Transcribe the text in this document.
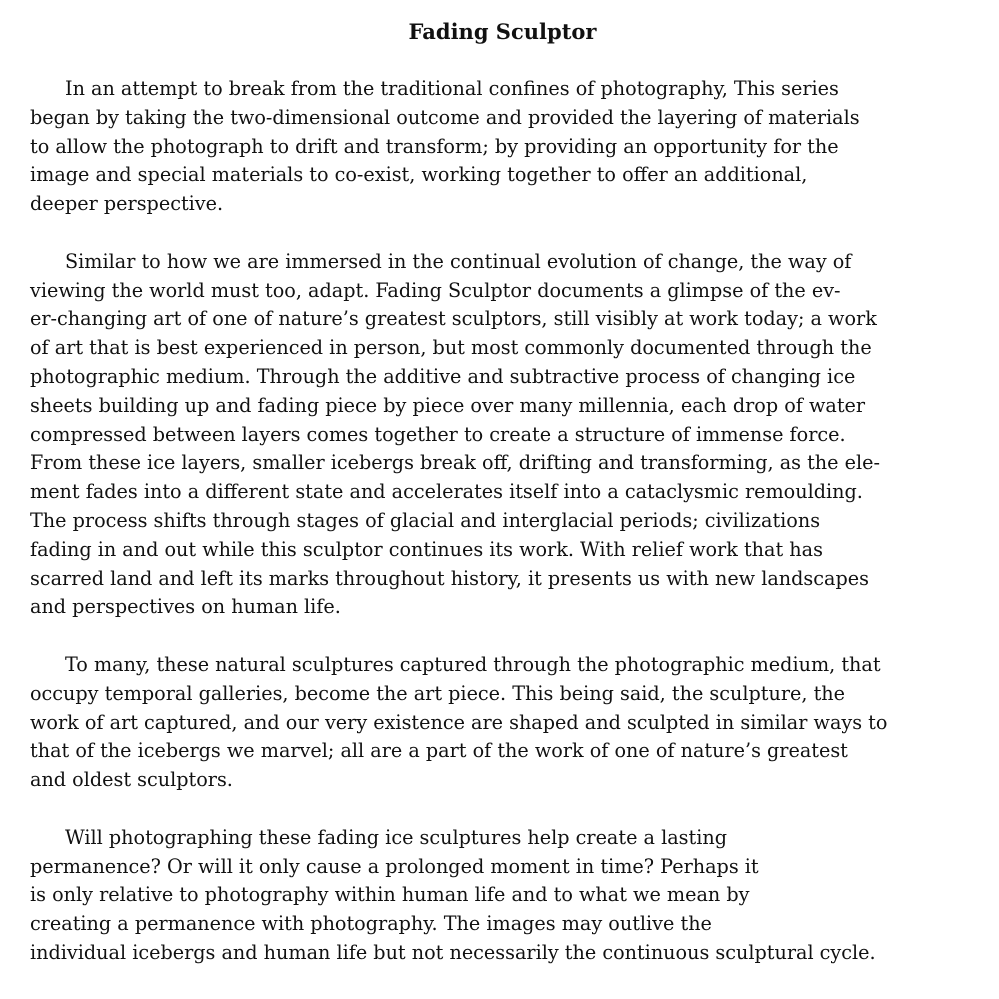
Fading Sculptor
In an attempt to break from the traditional confines of photography, This series
began by taking the two-dimensional outcome and provided the layering of materials
to allow the photograph to drift and transform; by providing an opportunity for the
image and special materials to co-exist, working together to offer an additional,
deeper perspective.
Similar to how we are immersed in the continual evolution of change, the way of
viewing the world must too, adapt. Fading Sculptor documents a glimpse of the ev-
er-changing art of one of nature’s greatest sculptors, still visibly at work today; a work
of art that is best experienced in person, but most commonly documented through the
photographic medium. Through the additive and subtractive process of changing ice
sheets building up and fading piece by piece over many millennia, each drop of water
compressed between layers comes together to create a structure of immense force.
From these ice layers, smaller icebergs break off, drifting and transforming, as the ele-
ment fades into a different state and accelerates itself into a cataclysmic remoulding.
The process shifts through stages of glacial and interglacial periods; civilizations
fading in and out while this sculptor continues its work. With relief work that has
scarred land and left its marks throughout history, it presents us with new landscapes
and perspectives on human life.
To many, these natural sculptures captured through the photographic medium, that
occupy temporal galleries, become the art piece. This being said, the sculpture, the
work of art captured, and our very existence are shaped and sculpted in similar ways to
that of the icebergs we marvel; all are a part of the work of one of nature’s greatest
and oldest sculptors.
Will photographing these fading ice sculptures help create a lasting
permanence? Or will it only cause a prolonged moment in time? Perhaps it
is only relative to photography within human life and to what we mean by
creating a permanence with photography. The images may outlive the
individual icebergs and human life but not necessarily the continuous sculptural cycle.
